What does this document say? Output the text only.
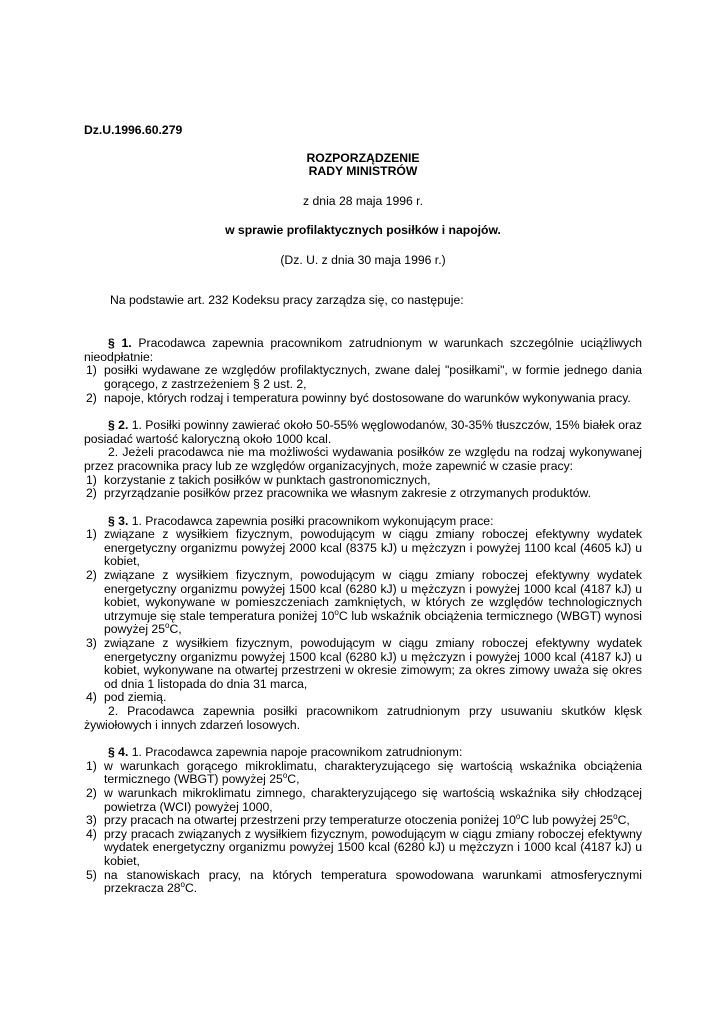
Dz.U.1996.60.279
ROZPORZĄDZENIE
RADY MINISTRÓW
z dnia 28 maja 1996 r.
w sprawie profilaktycznych posiłków i napojów.
(Dz. U. z dnia 30 maja 1996 r.)
Na podstawie art. 232 Kodeksu pracy zarządza się, co następuje:
§ 1. Pracodawca zapewnia pracownikom zatrudnionym w warunkach szczególnie uciążliwych nieodpłatnie:
1) posiłki wydawane ze względów profilaktycznych, zwane dalej "posiłkami", w formie jednego dania gorącego, z zastrzeżeniem § 2 ust. 2,
2) napoje, których rodzaj i temperatura powinny być dostosowane do warunków wykonywania pracy.
§ 2. 1. Posiłki powinny zawierać około 50-55% węglowodanów, 30-35% tłuszczów, 15% białek oraz posiadać wartość kaloryczną około 1000 kcal.
2. Jeżeli pracodawca nie ma możliwości wydawania posiłków ze względu na rodzaj wykonywanej przez pracownika pracy lub ze względów organizacyjnych, może zapewnić w czasie pracy:
1) korzystanie z takich posiłków w punktach gastronomicznych,
2) przyrządzanie posiłków przez pracownika we własnym zakresie z otrzymanych produktów.
§ 3. 1. Pracodawca zapewnia posiłki pracownikom wykonującym prace:
1) związane z wysiłkiem fizycznym, powodującym w ciągu zmiany roboczej efektywny wydatek energetyczny organizmu powyżej 2000 kcal (8375 kJ) u mężczyzn i powyżej 1100 kcal (4605 kJ) u kobiet,
2) związane z wysiłkiem fizycznym, powodującym w ciągu zmiany roboczej efektywny wydatek energetyczny organizmu powyżej 1500 kcal (6280 kJ) u mężczyzn i powyżej 1000 kcal (4187 kJ) u kobiet, wykonywane w pomieszczeniach zamkniętych, w których ze względów technologicznych utrzymuje się stale temperatura poniżej 10$^o$C lub wskaźnik obciążenia termicznego (WBGT) wynosi powyżej 25$^o$C,
3) związane z wysiłkiem fizycznym, powodującym w ciągu zmiany roboczej efektywny wydatek energetyczny organizmu powyżej 1500 kcal (6280 kJ) u mężczyzn i powyżej 1000 kcal (4187 kJ) u kobiet, wykonywane na otwartej przestrzeni w okresie zimowym; za okres zimowy uważa się okres od dnia 1 listopada do dnia 31 marca,
4) pod ziemią.
2. Pracodawca zapewnia posiłki pracownikom zatrudnionym przy usuwaniu skutków klęsk żywiołowych i innych zdarzeń losowych.
§ 4. 1. Pracodawca zapewnia napoje pracownikom zatrudnionym:
1) w warunkach gorącego mikroklimatu, charakteryzującego się wartością wskaźnika obciążenia termicznego (WBGT) powyżej 25$^o$C,
2) w warunkach mikroklimatu zimnego, charakteryzującego się wartością wskaźnika siły chłodzącej powietrza (WCI) powyżej 1000,
3) przy pracach na otwartej przestrzeni przy temperaturze otoczenia poniżej 10$^o$C lub powyżej 25$^o$C,
4) przy pracach związanych z wysiłkiem fizycznym, powodującym w ciągu zmiany roboczej efektywny wydatek energetyczny organizmu powyżej 1500 kcal (6280 kJ) u mężczyzn i 1000 kcal (4187 kJ) u kobiet,
5) na stanowiskach pracy, na których temperatura spowodowana warunkami atmosferycznymi przekracza 28$^o$C.
